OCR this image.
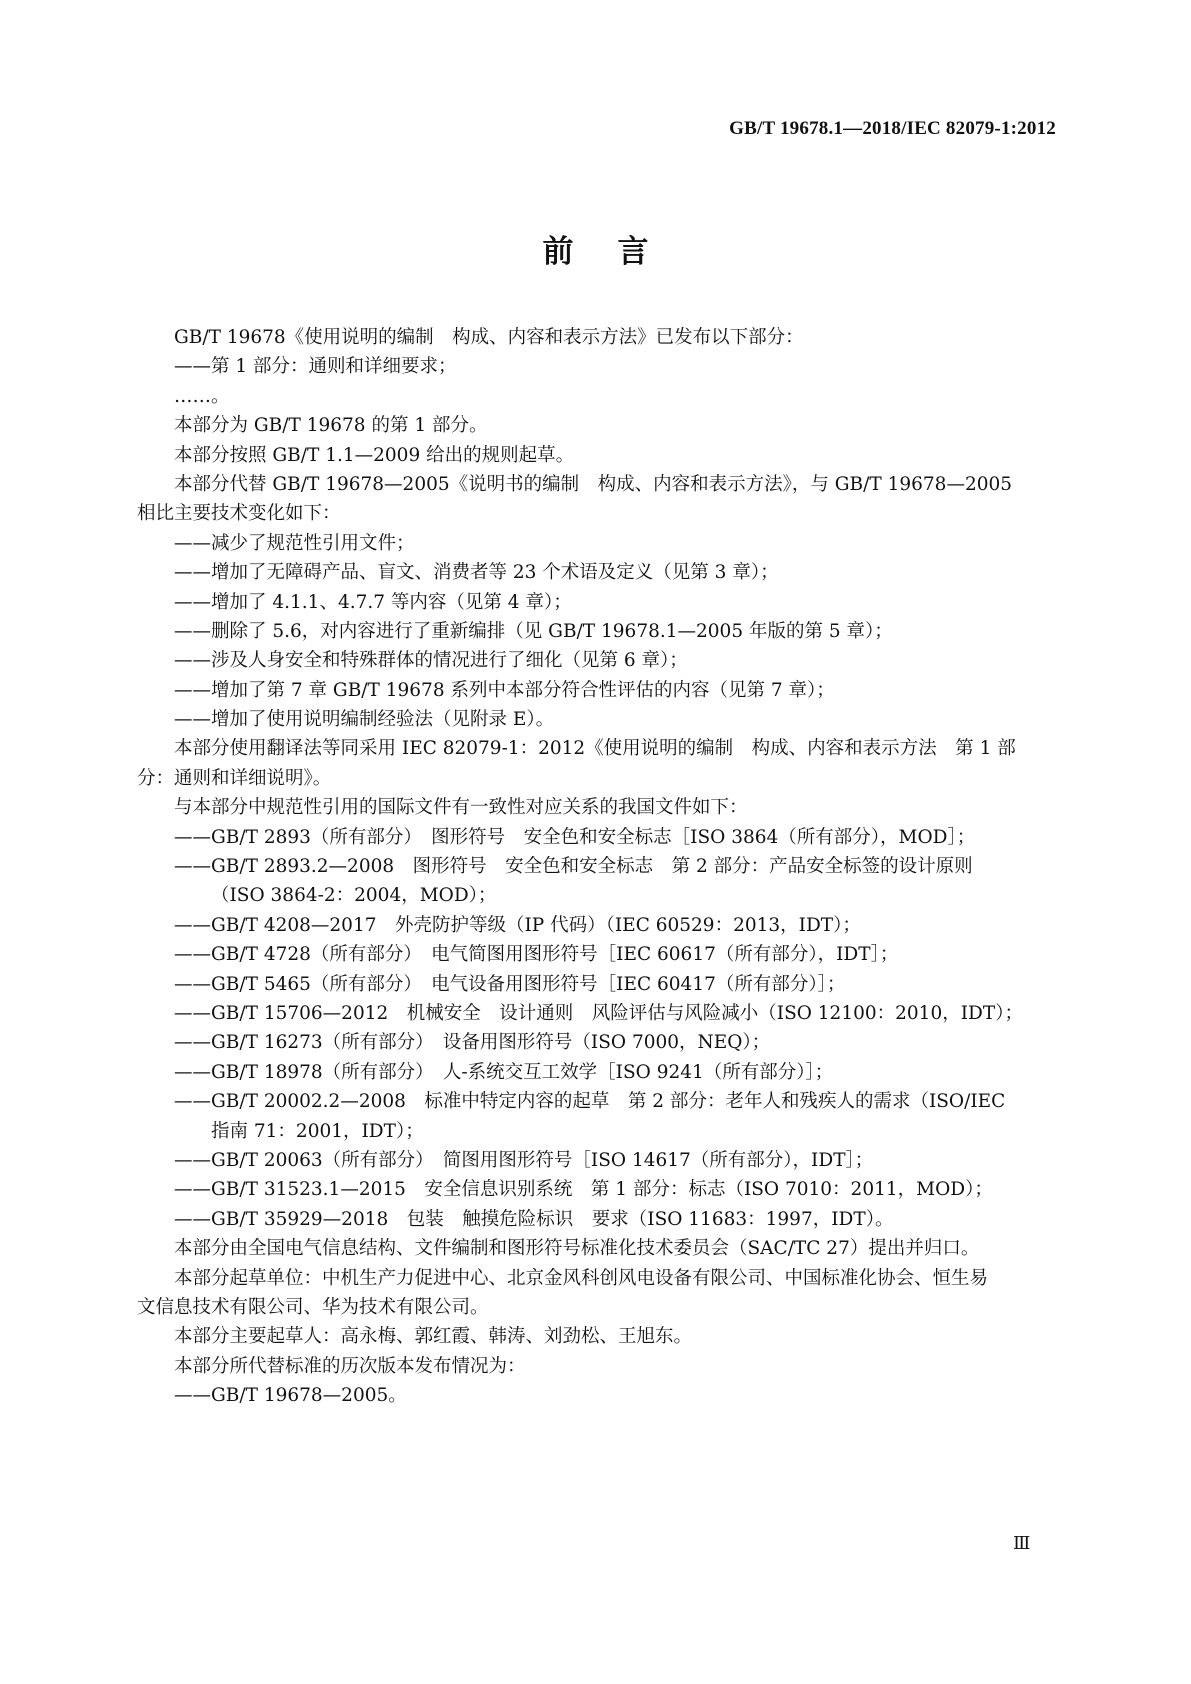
GB/T 19678.1—2018/IEC 82079-1:2012
前言
GB/T 19678《使用说明的编制　构成、内容和表示方法》已发布以下部分：
——第 1 部分：通则和详细要求；
……。
本部分为 GB/T 19678 的第 1 部分。
本部分按照 GB/T 1.1—2009 给出的规则起草。
本部分代替 GB/T 19678—2005《说明书的编制　构成、内容和表示方法》，与 GB/T 19678—2005
相比主要技术变化如下：
——减少了规范性引用文件；
——增加了无障碍产品、盲文、消费者等 23 个术语及定义（见第 3 章）；
——增加了 4.1.1、4.7.7 等内容（见第 4 章）；
——删除了 5.6，对内容进行了重新编排（见 GB/T 19678.1—2005 年版的第 5 章）；
——涉及人身安全和特殊群体的情况进行了细化（见第 6 章）；
——增加了第 7 章 GB/T 19678 系列中本部分符合性评估的内容（见第 7 章）；
——增加了使用说明编制经验法（见附录 E）。
本部分使用翻译法等同采用 IEC 82079-1：2012《使用说明的编制　构成、内容和表示方法　第 1 部
分：通则和详细说明》。
与本部分中规范性引用的国际文件有一致性对应关系的我国文件如下：
——GB/T 2893（所有部分）　图形符号　安全色和安全标志［ISO 3864（所有部分），MOD］；
——GB/T 2893.2—2008　图形符号　安全色和安全标志　第 2 部分：产品安全标签的设计原则
（ISO 3864-2：2004，MOD）；
——GB/T 4208—2017　外壳防护等级（IP 代码）（IEC 60529：2013，IDT）；
——GB/T 4728（所有部分）　电气简图用图形符号［IEC 60617（所有部分），IDT］；
——GB/T 5465（所有部分）　电气设备用图形符号［IEC 60417（所有部分）］；
——GB/T 15706—2012　机械安全　设计通则　风险评估与风险减小（ISO 12100：2010，IDT）；
——GB/T 16273（所有部分）　设备用图形符号（ISO 7000，NEQ）；
——GB/T 18978（所有部分）　人-系统交互工效学［ISO 9241（所有部分）］；
——GB/T 20002.2—2008　标准中特定内容的起草　第 2 部分：老年人和残疾人的需求（ISO/IEC
指南 71：2001，IDT）；
——GB/T 20063（所有部分）　简图用图形符号［ISO 14617（所有部分），IDT］；
——GB/T 31523.1—2015　安全信息识别系统　第 1 部分：标志（ISO 7010：2011，MOD）；
——GB/T 35929—2018　包装　触摸危险标识　要求（ISO 11683：1997，IDT）。
本部分由全国电气信息结构、文件编制和图形符号标准化技术委员会（SAC/TC 27）提出并归口。
本部分起草单位：中机生产力促进中心、北京金风科创风电设备有限公司、中国标准化协会、恒生易
文信息技术有限公司、华为技术有限公司。
本部分主要起草人：高永梅、郭红霞、韩涛、刘劲松、王旭东。
本部分所代替标准的历次版本发布情况为：
——GB/T 19678—2005。
Ⅲ
